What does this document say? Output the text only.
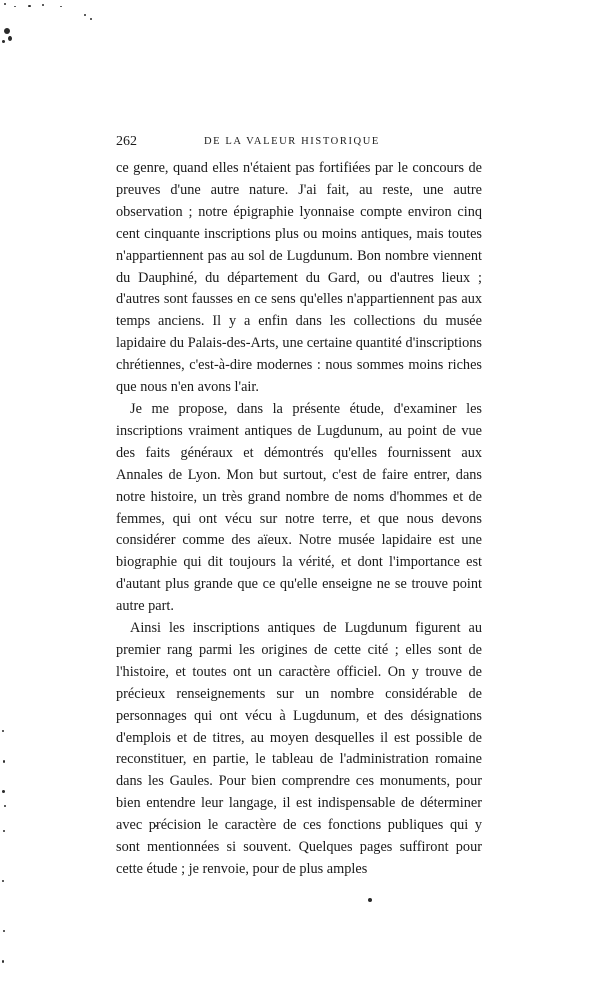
262	DE LA VALEUR HISTORIQUE

ce genre, quand elles n'étaient pas fortifiées par le concours de preuves d'une autre nature. J'ai fait, au reste, une autre observation ; notre épigraphie lyonnaise compte environ cinq cent cinquante inscriptions plus ou moins antiques, mais toutes n'appartiennent pas au sol de Lugdunum. Bon nombre viennent du Dauphiné, du département du Gard, ou d'autres lieux ; d'autres sont fausses en ce sens qu'elles n'appartiennent pas aux temps anciens. Il y a enfin dans les collections du musée lapidaire du Palais-des-Arts, une certaine quantité d'inscriptions chrétiennes, c'est-à-dire modernes : nous sommes moins riches que nous n'en avons l'air.

Je me propose, dans la présente étude, d'examiner les inscriptions vraiment antiques de Lugdunum, au point de vue des faits généraux et démontrés qu'elles fournissent aux Annales de Lyon. Mon but surtout, c'est de faire entrer, dans notre histoire, un très grand nombre de noms d'hommes et de femmes, qui ont vécu sur notre terre, et que nous devons considérer comme des aïeux. Notre musée lapidaire est une biographie qui dit toujours la vérité, et dont l'importance est d'autant plus grande que ce qu'elle enseigne ne se trouve point autre part.

Ainsi les inscriptions antiques de Lugdunum figurent au premier rang parmi les origines de cette cité ; elles sont de l'histoire, et toutes ont un caractère officiel. On y trouve de précieux renseignements sur un nombre considérable de personnages qui ont vécu à Lugdunum, et des désignations d'emplois et de titres, au moyen desquelles il est possible de reconstituer, en partie, le tableau de l'administration romaine dans les Gaules. Pour bien comprendre ces monuments, pour bien entendre leur langage, il est indispensable de déterminer avec précision le caractère de ces fonctions publiques qui y sont mentionnées si souvent. Quelques pages suffiront pour cette étude ; je renvoie, pour de plus amples
